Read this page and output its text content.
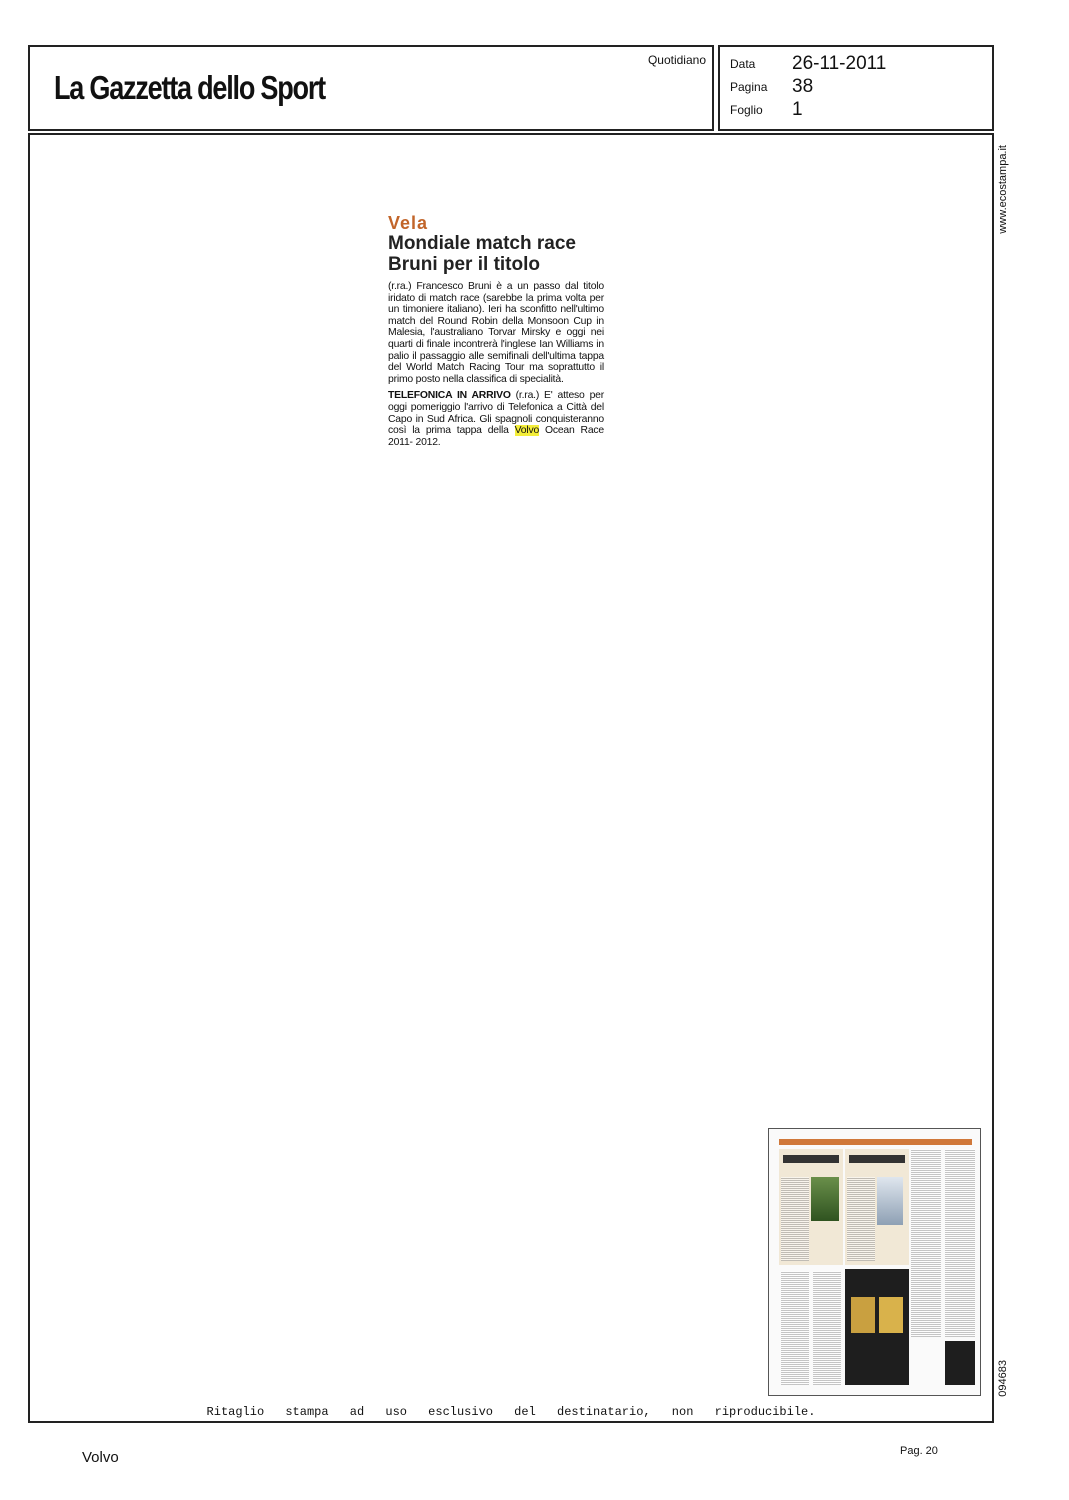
La Gazzetta dello Sport
Quotidiano Data 26-11-2011
Pagina 38
Foglio 1
www.ecostampa.it
094683
Vela
Mondiale match race
Bruni per il titolo

(r.ra.) Francesco Bruni è a un passo dal titolo iridato di match race (sarebbe la prima volta per un timoniere italiano). Ieri ha sconfitto nell'ultimo match del Round Robin della Monsoon Cup in Malesia, l'australiano Torvar Mirsky e oggi nei quarti di finale incontrerà l'inglese Ian Williams in palio il passaggio alle semifinali dell'ultima tappa del World Match Racing Tour ma soprattutto il primo posto nella classifica di specialità.

TELEFONICA IN ARRIVO (r.ra.) E' atteso per oggi pomeriggio l'arrivo di Telefonica a Città del Capo in Sud Africa. Gli spagnoli conquisteranno così la prima tappa della Volvo Ocean Race 2011- 2012.

Ritaglio stampa ad uso esclusivo del destinatario, non riproducibile.
Volvo	Pag. 20
